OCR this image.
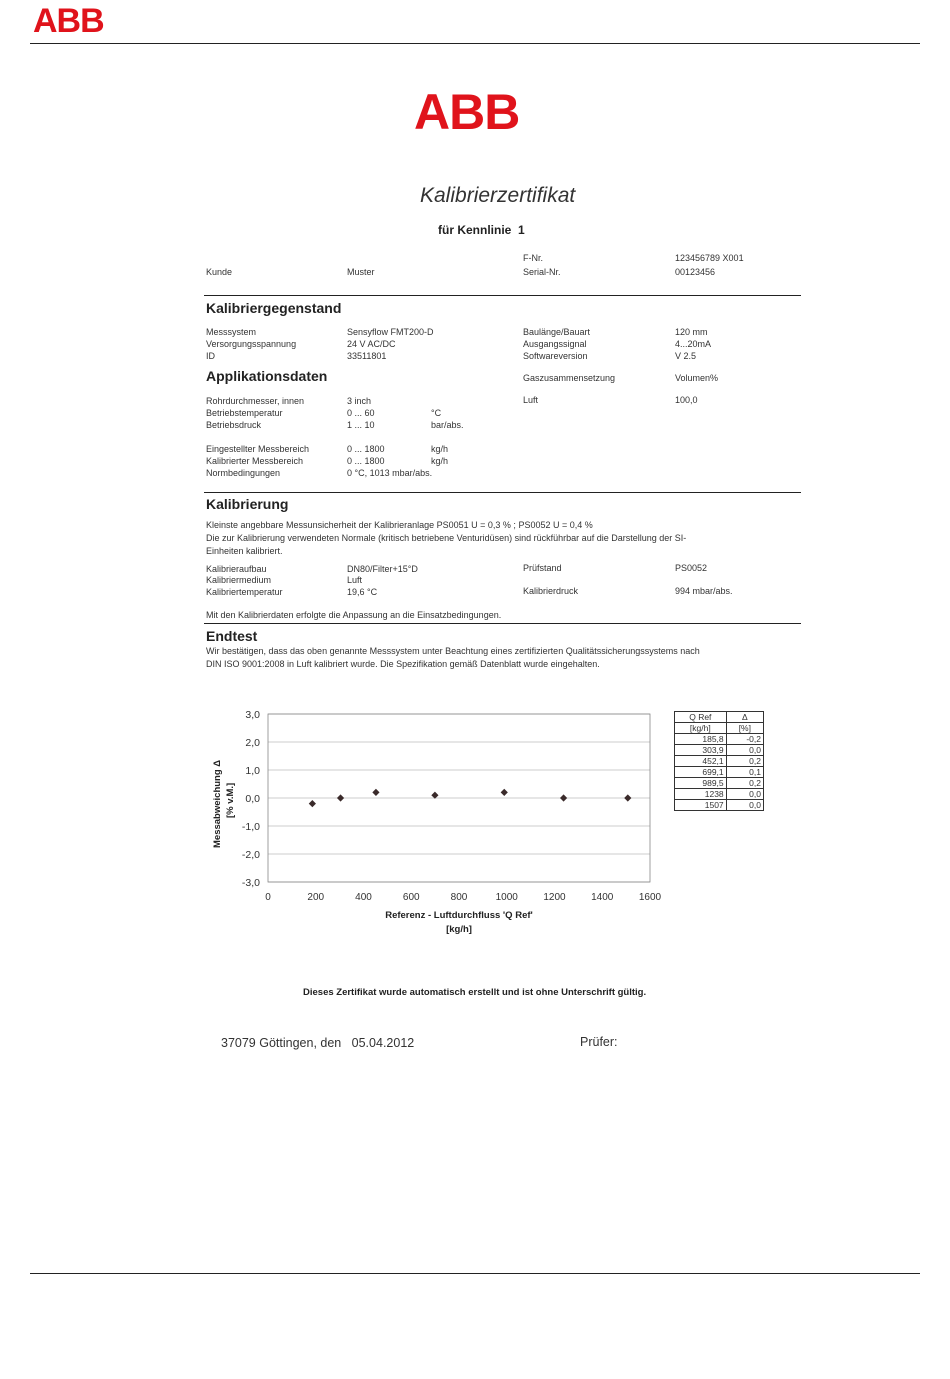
ABB
ABB
Kalibrierzertifikat
für Kennlinie  1
Kunde	Muster
F-Nr.	123456789 X001
Serial-Nr.	00123456
Kalibriergegenstand
Messsystem	Sensyflow FMT200-D	Baulänge/Bauart	120 mm
Versorgungsspannung	24 V AC/DC	Ausgangssignal	4...20mA
ID	33511801	Softwareversion	V 2.5
Applikationsdaten	Gaszusammensetzung	Volumen%
Luft	100,0
Rohrdurchmesser, innen	3 inch
Betriebstemperatur	0 ... 60	°C
Betriebsdruck	1 ... 10	bar/abs.
Eingestellter Messbereich	0 ... 1800	kg/h
Kalibrierter Messbereich	0 ... 1800	kg/h
Normbedingungen	0 °C, 1013 mbar/abs.
Kalibrierung
Kleinste angebbare Messunsicherheit der Kalibrieranlage PS0051 U = 0,3 % ; PS0052 U = 0,4 %
Die zur Kalibrierung verwendeten Normale (kritisch betriebene Venturidüsen) sind rückführbar auf die Darstellung der SI-
Einheiten kalibriert.
Kalibrieraufbau	DN80/Filter+15°D	Prüfstand	PS0052
Kalibriermedium	Luft
Kalibriertemperatur	19,6 °C	Kalibrierdruck	994 mbar/abs.
Mit den Kalibrierdaten erfolgte die Anpassung an die Einsatzbedingungen.
Endtest
Wir bestätigen, dass das oben genannte Messsystem unter Beachtung eines zertifizierten Qualitätssicherungssystems nach
DIN ISO 9001:2008 in Luft kalibriert wurde. Die Spezifikation gemäß Datenblatt wurde eingehalten.
3,0
2,0
1,0
0,0
-1,0
-2,0
-3,0
0	200	400	600	800	1000	1200	1400	1600
Messabweichung Δ [% v.M.]
Referenz - Luftdurchfluss 'Q Ref'
[kg/h]
Q Ref	Δ
[kg/h]	[%]
185,8	-0,2
303,9	0,0
452,1	0,2
699,1	0,1
989,5	0,2
1238	0,0
1507	0,0
Dieses Zertifikat wurde automatisch erstellt und ist ohne Unterschrift gültig.
37079 Göttingen, den   05.04.2012	Prüfer:
